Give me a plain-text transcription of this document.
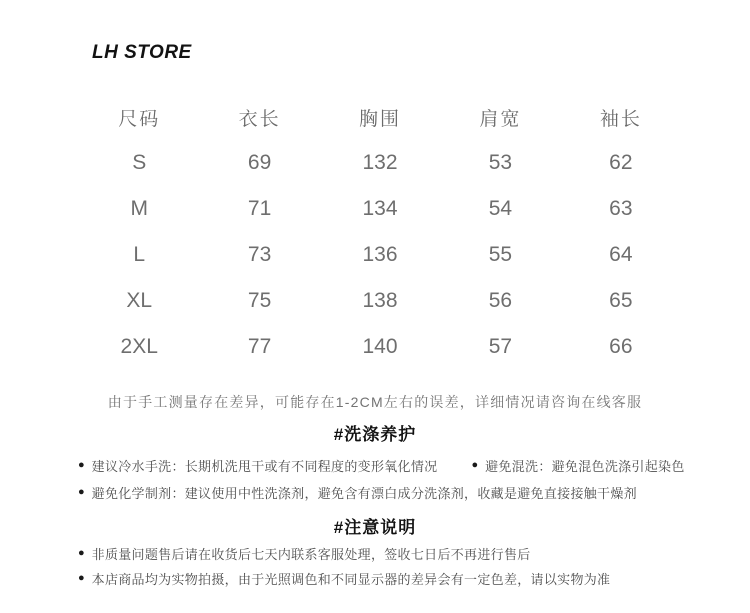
LH STORE
尺码	衣长	胸围	肩宽	袖长
S	69	132	53	62
M	71	134	54	63
L	73	136	55	64
XL	75	138	56	65
2XL	77	140	57	66
由于手工测量存在差异，可能存在1-2CM左右的误差，详细情况请咨询在线客服
#洗涤养护
● 建议冷水手洗：长期机洗甩干或有不同程度的变形氧化情况	● 避免混洗：避免混色洗涤引起染色
● 避免化学制剂：建议使用中性洗涤剂，避免含有漂白成分洗涤剂，收藏是避免直接接触干燥剂
#注意说明
● 非质量问题售后请在收货后七天内联系客服处理，签收七日后不再进行售后
● 本店商品均为实物拍摄，由于光照调色和不同显示器的差异会有一定色差，请以实物为准
